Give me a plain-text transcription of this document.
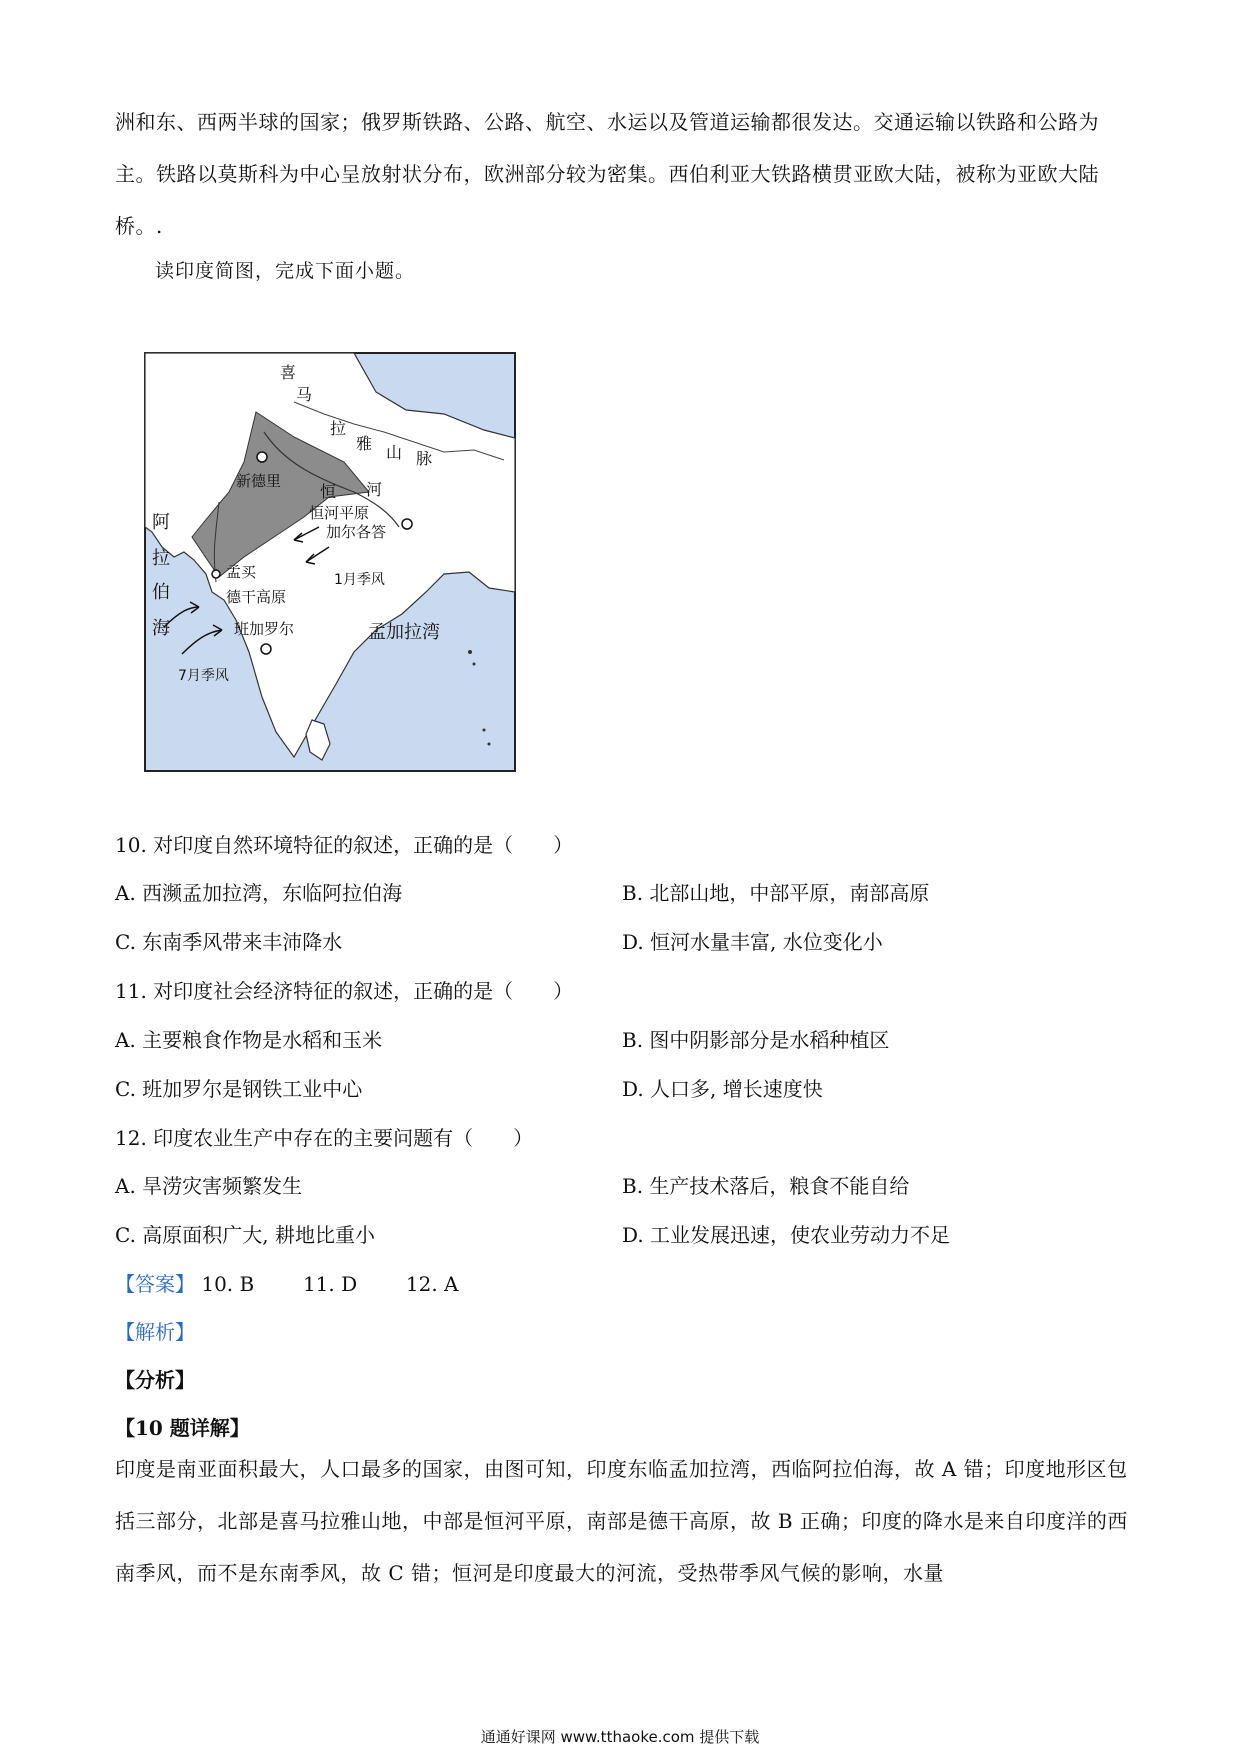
洲和东、西两半球的国家；俄罗斯铁路、公路、航空、水运以及管道运输都很发达。交通运输以铁路和公路为主。铁路以莫斯科为中心呈放射状分布，欧洲部分较为密集。西伯利亚大铁路横贯亚欧大陆，被称为亚欧大陆桥。.
读印度简图，完成下面小题。
喜
马
拉
雅 山 脉
新德里
恒 河
恒河平原
加尔各答
阿
拉
伯
海
孟买	1月季风
德干高原
班加罗尔	孟加拉湾
7月季风
10. 对印度自然环境特征的叙述，正确的是（　　）
A. 西濒孟加拉湾，东临阿拉伯海	B. 北部山地，中部平原，南部高原
C. 东南季风带来丰沛降水	D. 恒河水量丰富, 水位变化小
11. 对印度社会经济特征的叙述，正确的是（　　）
A. 主要粮食作物是水稻和玉米	B. 图中阴影部分是水稻种植区
C. 班加罗尔是钢铁工业中心	D. 人口多, 增长速度快
12. 印度农业生产中存在的主要问题有（　　）
A. 旱涝灾害频繁发生	B. 生产技术落后，粮食不能自给
C. 高原面积广大, 耕地比重小	D. 工业发展迅速，使农业劳动力不足
【答案】 10. B 11. D 12. A
【解析】
【分析】
【10 题详解】
印度是南亚面积最大，人口最多的国家，由图可知，印度东临孟加拉湾，西临阿拉伯海，故 A 错；印度地形区包括三部分，北部是喜马拉雅山地，中部是恒河平原，南部是德干高原，故 B 正确；印度的降水是来自印度洋的西南季风，而不是东南季风，故 C 错；恒河是印度最大的河流，受热带季风气候的影响，水量
通通好课网 www.tthaoke.com 提供下载
